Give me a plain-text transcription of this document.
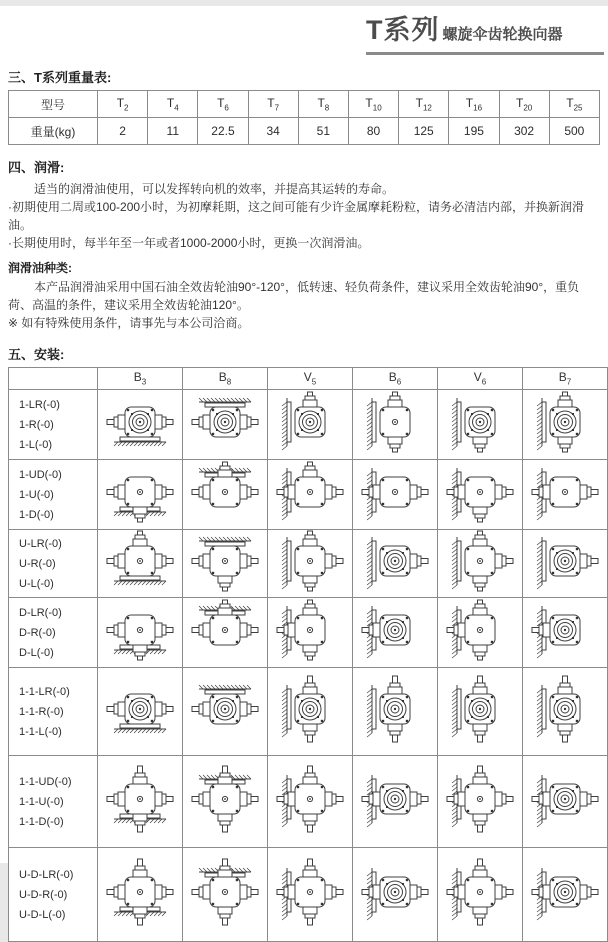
T系列 螺旋伞齿轮换向器
三、T系列重量表:
型号	$T_2$	$T_4$	$T_6$	$T_7$	$T_8$	$T_{10}$	$T_{12}$	$T_{16}$	$T_{20}$	$T_{25}$
重量(kg)	2	11	22.5	34	51	80	125	195	302	500
四、润滑:
适当的润滑油使用，可以发挥转向机的效率，并提高其运转的寿命。
·初期使用二周或100-200小时，为初摩耗期，这之间可能有少许金属摩耗粉粒，请务必清洁内部，并换新润滑油。
·长期使用时，每半年至一年或者1000-2000小时，更换一次润滑油。
润滑油种类:
本产品润滑油采用中国石油全效齿轮油90°-120°，低转速、轻负荷条件，建议采用全效齿轮油90°，重负荷、高温的条件，建议采用全效齿轮油120°。
※ 如有特殊使用条件，请事先与本公司洽商。
五、安装:
	$B_3$	$B_8$	$V_5$	$B_6$	$V_6$	$B_7$

1-LR(-0)
1-R(-0)
1-L(-0)

1-UD(-0)
1-U(-0)
1-D(-0)

U-LR(-0)
U-R(-0)
U-L(-0)

D-LR(-0)
D-R(-0)
D-L(-0)

1-1-LR(-0)
1-1-R(-0)
1-1-L(-0)

1-1-UD(-0)
1-1-U(-0)
1-1-D(-0)

U-D-LR(-0)
U-D-R(-0)
U-D-L(-0)
